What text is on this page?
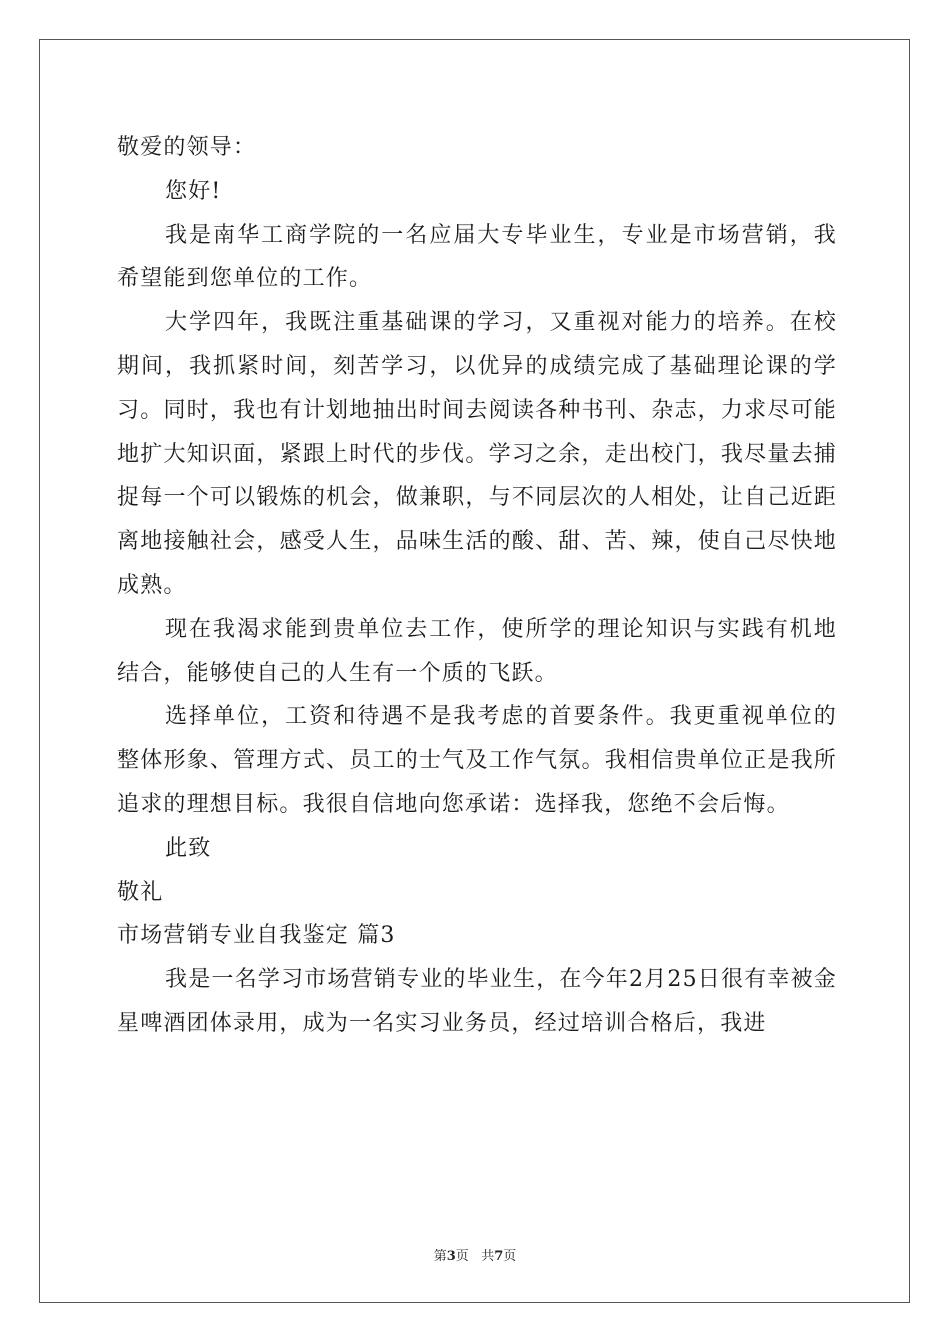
敬爱的领导：

您好!

我是南华工商学院的一名应届大专毕业生，专业是市场营销，我希望能到您单位的工作。

大学四年，我既注重基础课的学习，又重视对能力的培养。在校期间，我抓紧时间，刻苦学习，以优异的成绩完成了基础理论课的学习。同时，我也有计划地抽出时间去阅读各种书刊、杂志，力求尽可能地扩大知识面，紧跟上时代的步伐。学习之余，走出校门，我尽量去捕捉每一个可以锻炼的机会，做兼职，与不同层次的人相处，让自己近距离地接触社会，感受人生，品味生活的酸、甜、苦、辣，使自己尽快地成熟。

现在我渴求能到贵单位去工作，使所学的理论知识与实践有机地结合，能够使自己的人生有一个质的飞跃。

选择单位，工资和待遇不是我考虑的首要条件。我更重视单位的整体形象、管理方式、员工的士气及工作气氛。我相信贵单位正是我所追求的理想目标。我很自信地向您承诺：选择我，您绝不会后悔。

此致

敬礼

市场营销专业自我鉴定 篇3

我是一名学习市场营销专业的毕业生，在今年2月25日很有幸被金星啤酒团体录用，成为一名实习业务员，经过培训合格后，我进

第3页 共7页
